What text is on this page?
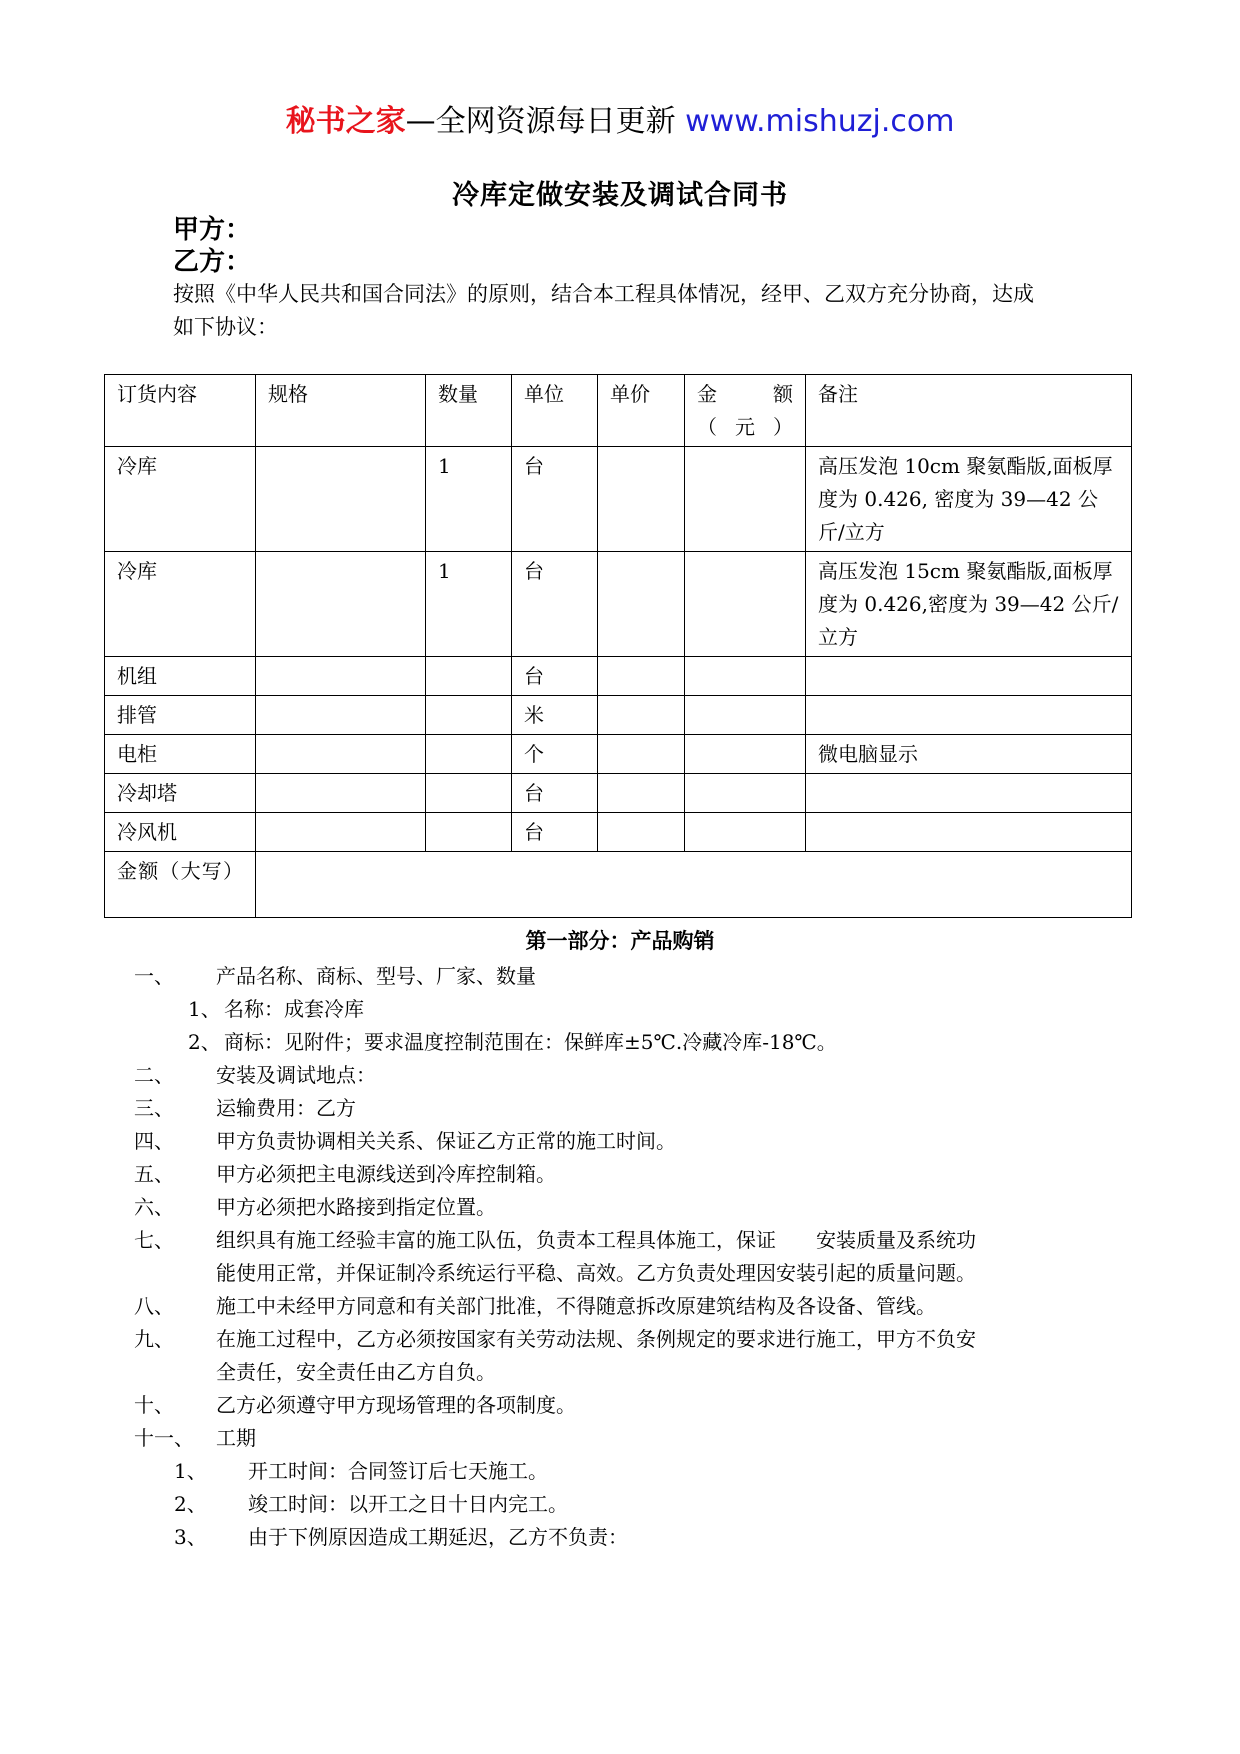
秘书之家—全网资源每日更新 www.mishuzj.com
冷库定做安装及调试合同书
甲方：
乙方：
按照《中华人民共和国合同法》的原则，结合本工程具体情况，经甲、乙双方充分协商，达成
如下协议：
订货内容	规格	数量	单位	单价	金　额（元）	备注
冷库		1	台			高压发泡 10cm 聚氨酯版,面板厚度为 0.426, 密度为 39—42 公斤/立方
冷库		1	台			高压发泡 15cm 聚氨酯版,面板厚度为 0.426,密度为 39—42 公斤/立方
机组			台			
排管			米			
电柜			个			微电脑显示
冷却塔			台			
冷风机			台			
金额（大写）						
第一部分：产品购销
一、 产品名称、商标、型号、厂家、数量
1、 名称：成套冷库
2、 商标：见附件；要求温度控制范围在：保鲜库±5℃.冷藏冷库-18℃。
二、 安装及调试地点：
三、 运输费用：乙方
四、 甲方负责协调相关关系、保证乙方正常的施工时间。
五、 甲方必须把主电源线送到冷库控制箱。
六、 甲方必须把水路接到指定位置。
七、 组织具有施工经验丰富的施工队伍，负责本工程具体施工，保证　　安装质量及系统功
能使用正常，并保证制冷系统运行平稳、高效。乙方负责处理因安装引起的质量问题。
八、 施工中未经甲方同意和有关部门批准，不得随意拆改原建筑结构及各设备、管线。
九、 在施工过程中，乙方必须按国家有关劳动法规、条例规定的要求进行施工，甲方不负安
全责任，安全责任由乙方自负。
十、 乙方必须遵守甲方现场管理的各项制度。
十一、 工期
1、 开工时间：合同签订后七天施工。
2、 竣工时间：以开工之日十日内完工。
3、 由于下例原因造成工期延迟，乙方不负责：
